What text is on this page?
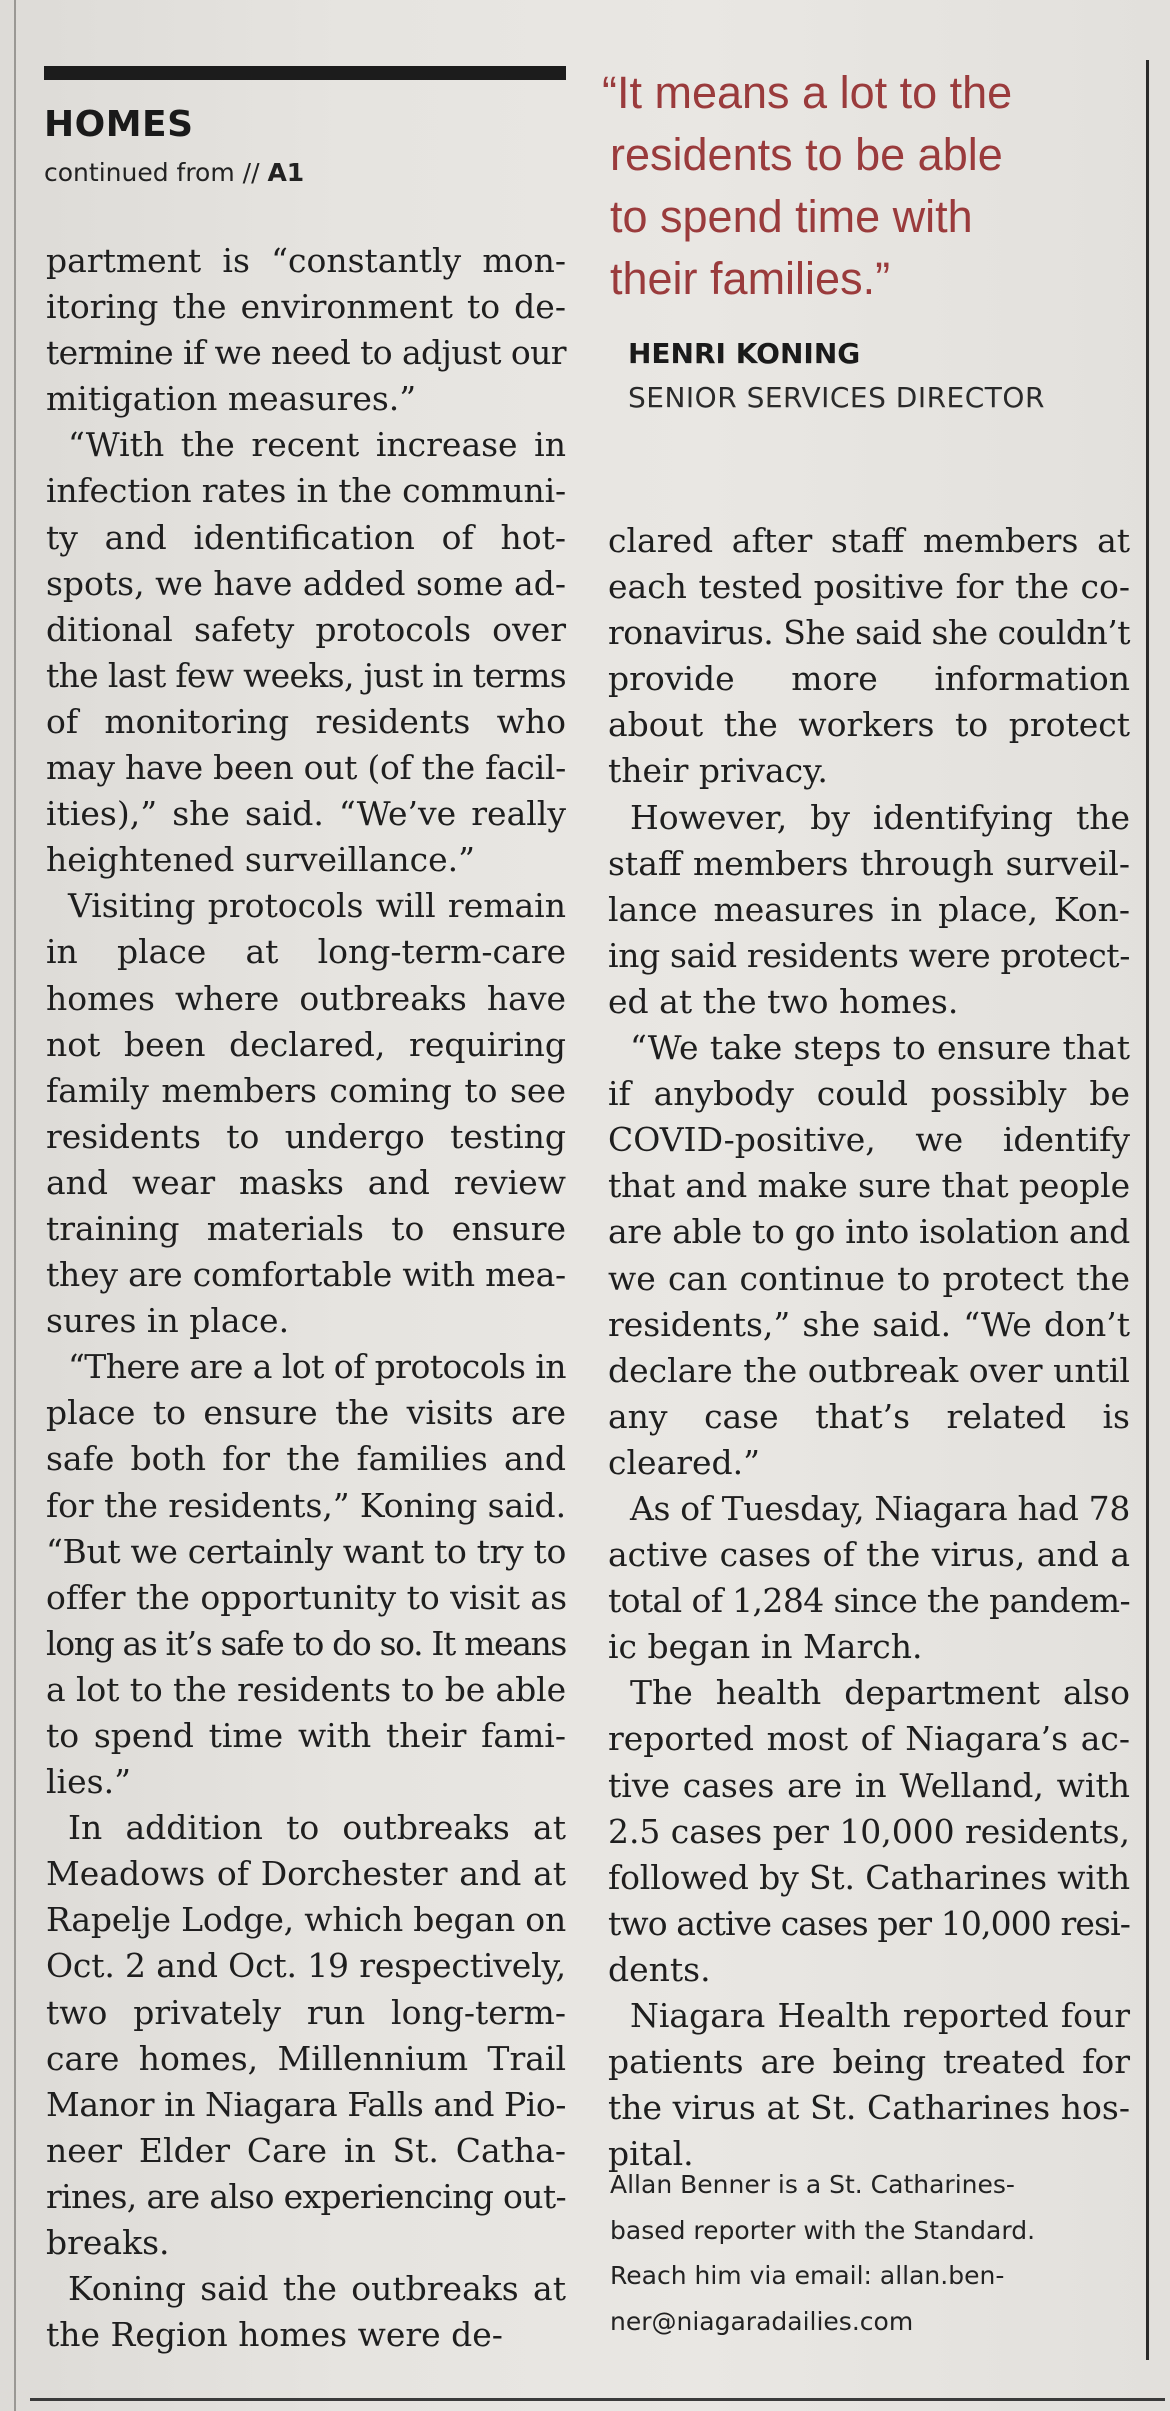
HOMES
continued from // A1
“It means a lot to the
residents to be able
to spend time with
their families.”
HENRI KONING
SENIOR SERVICES DIRECTOR
partment is “constantly mon-
itoring the environment to de-
termine if we need to adjust our
mitigation measures.”
“With the recent increase in
infection rates in the communi-
ty and identification of hot-
spots, we have added some ad-
ditional safety protocols over
the last few weeks, just in terms
of monitoring residents who
may have been out (of the facil-
ities),” she said. “We’ve really
heightened surveillance.”
Visiting protocols will remain
in place at long-term-care
homes where outbreaks have
not been declared, requiring
family members coming to see
residents to undergo testing
and wear masks and review
training materials to ensure
they are comfortable with mea-
sures in place.
“There are a lot of protocols in
place to ensure the visits are
safe both for the families and
for the residents,” Koning said.
“But we certainly want to try to
offer the opportunity to visit as
long as it’s safe to do so. It means
a lot to the residents to be able
to spend time with their fami-
lies.”
In addition to outbreaks at
Meadows of Dorchester and at
Rapelje Lodge, which began on
Oct. 2 and Oct. 19 respectively,
two privately run long-term-
care homes, Millennium Trail
Manor in Niagara Falls and Pio-
neer Elder Care in St. Catha-
rines, are also experiencing out-
breaks.
Koning said the outbreaks at
the Region homes were de-
clared after staff members at
each tested positive for the co-
ronavirus. She said she couldn’t
provide more information
about the workers to protect
their privacy.
However, by identifying the
staff members through surveil-
lance measures in place, Kon-
ing said residents were protect-
ed at the two homes.
“We take steps to ensure that
if anybody could possibly be
COVID-positive, we identify
that and make sure that people
are able to go into isolation and
we can continue to protect the
residents,” she said. “We don’t
declare the outbreak over until
any case that’s related is
cleared.”
As of Tuesday, Niagara had 78
active cases of the virus, and a
total of 1,284 since the pandem-
ic began in March.
The health department also
reported most of Niagara’s ac-
tive cases are in Welland, with
2.5 cases per 10,000 residents,
followed by St. Catharines with
two active cases per 10,000 resi-
dents.
Niagara Health reported four
patients are being treated for
the virus at St. Catharines hos-
pital.
Allan Benner is a St. Catharines-
based reporter with the Standard.
Reach him via email: allan.ben-
ner@niagaradailies.com
